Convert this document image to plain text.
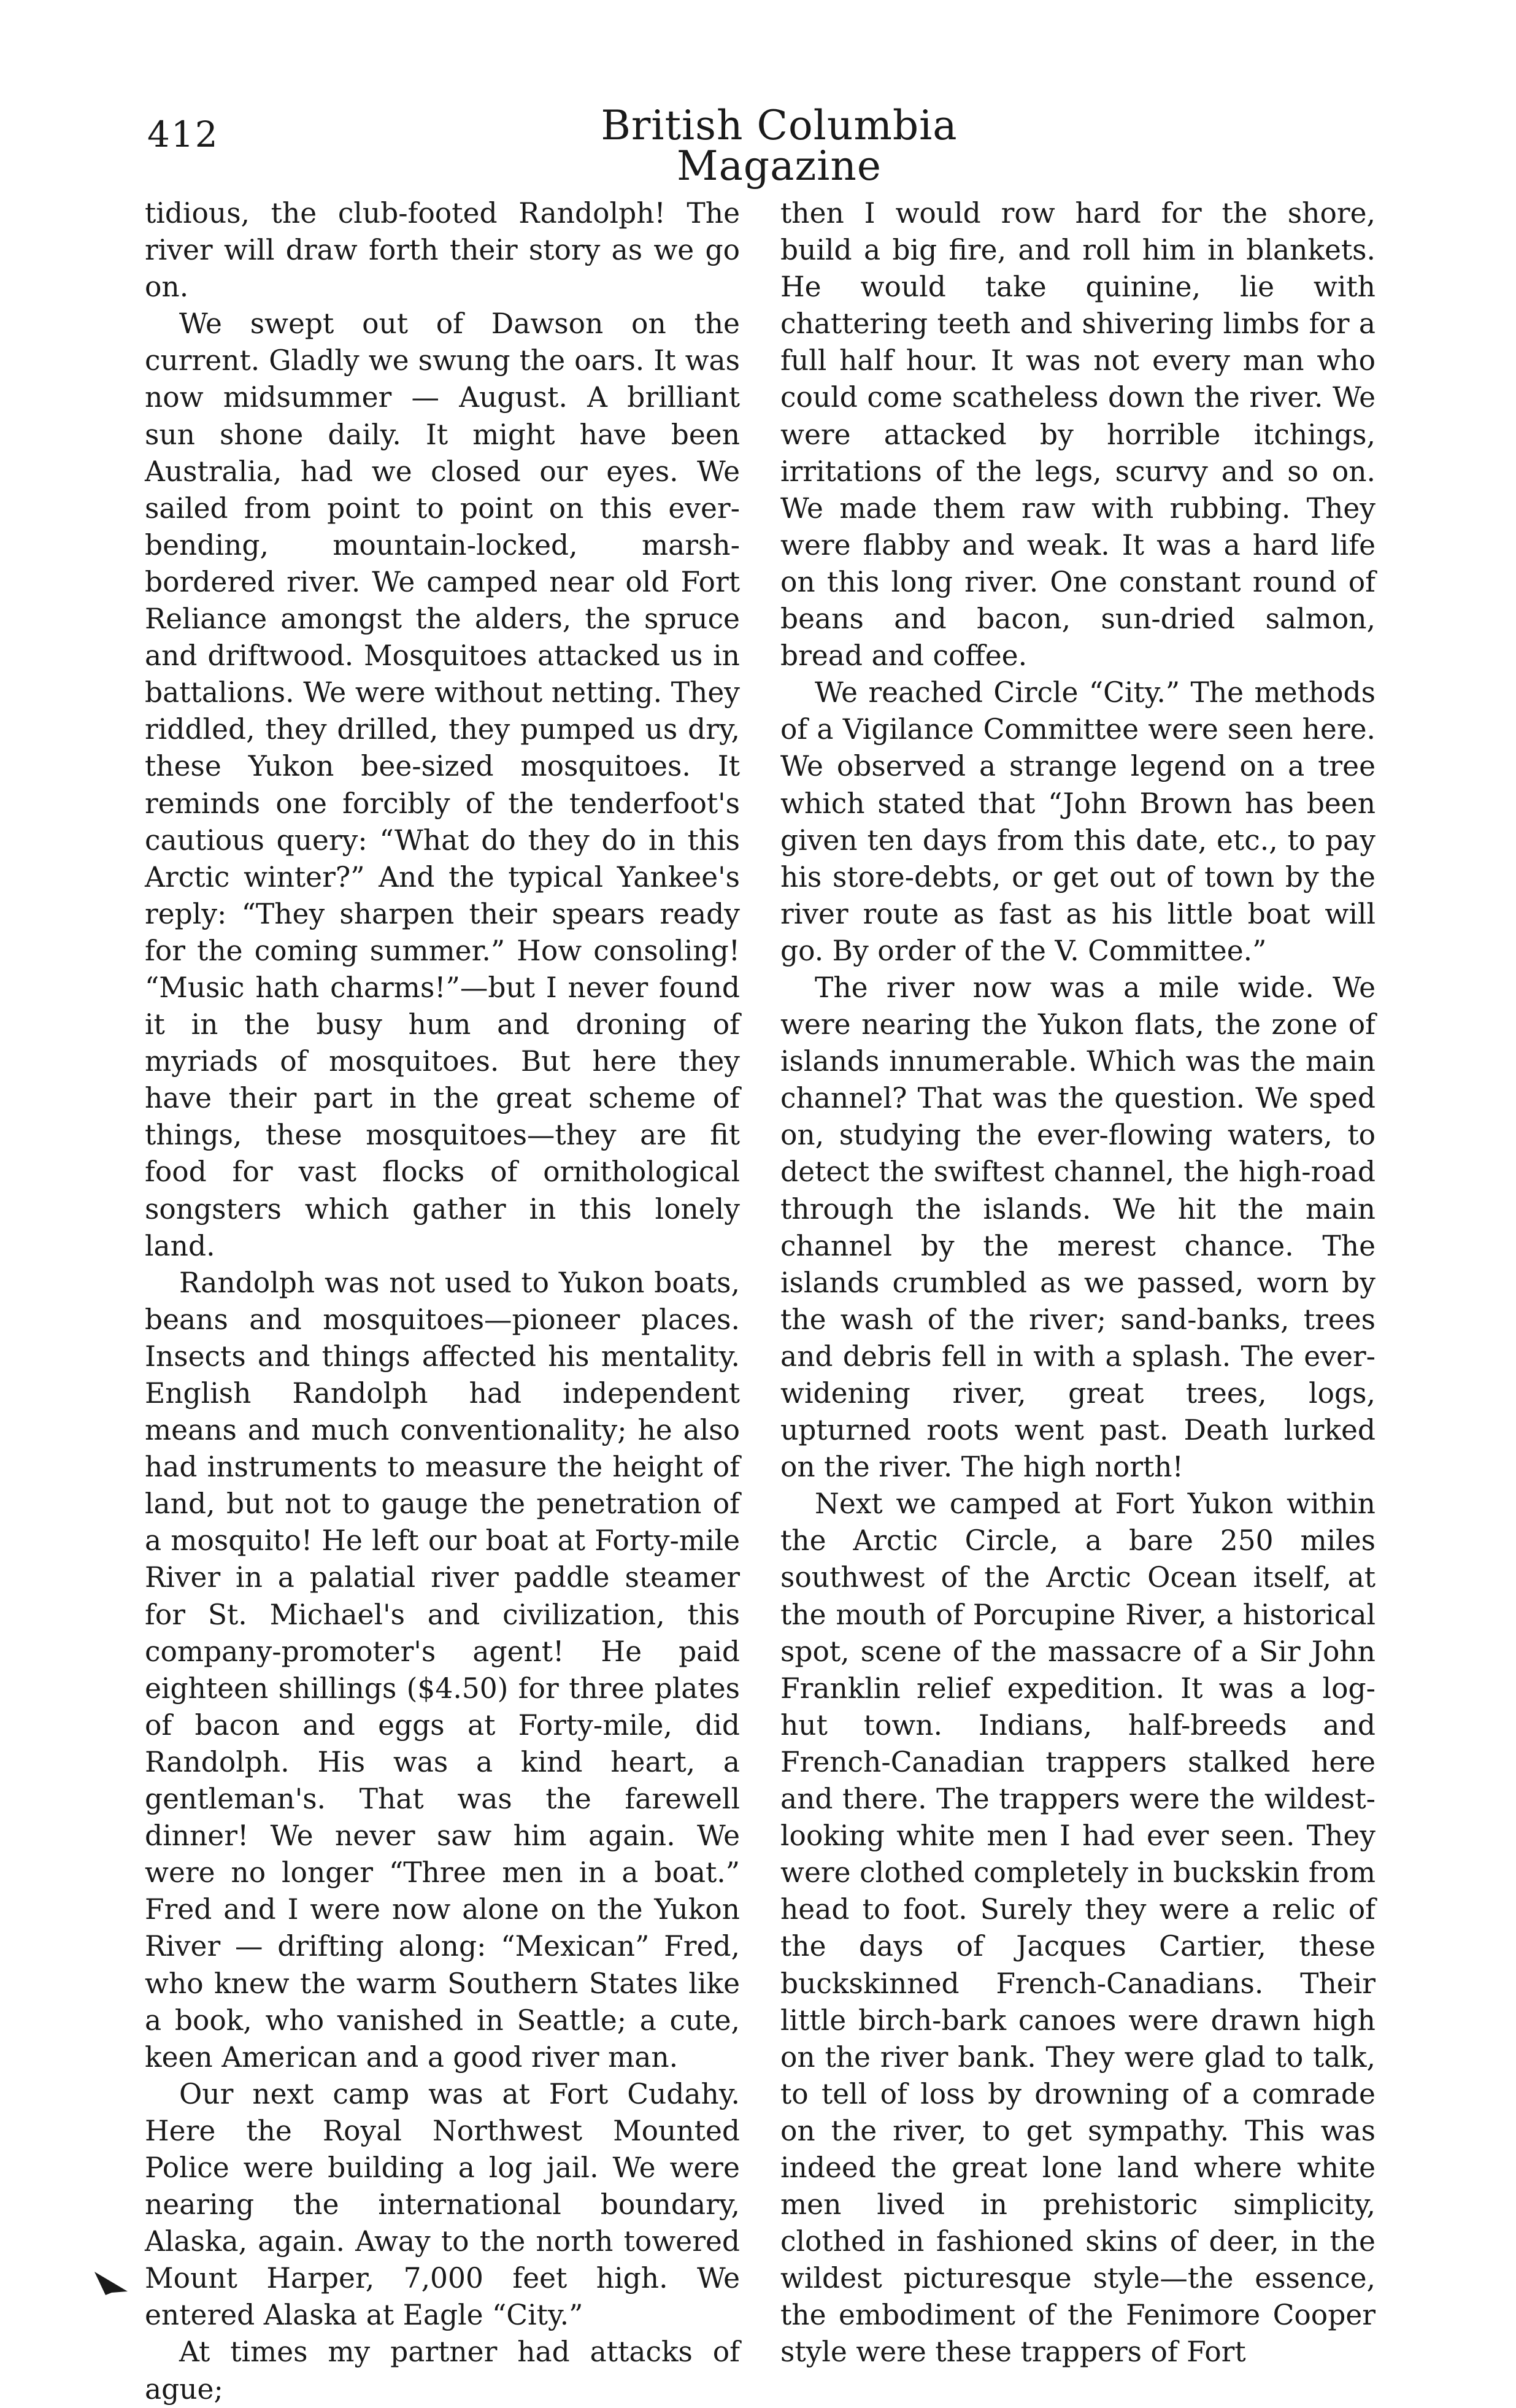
412	British Columbia Magazine

tidious, the club-footed Randolph! The river will draw forth their story as we go on.

We swept out of Dawson on the current. Gladly we swung the oars. It was now midsummer — August. A brilliant sun shone daily. It might have been Australia, had we closed our eyes. We sailed from point to point on this ever-bending, mountain-locked, marsh-bordered river. We camped near old Fort Reliance amongst the alders, the spruce and driftwood. Mosquitoes attacked us in battalions. We were without netting. They riddled, they drilled, they pumped us dry, these Yukon bee-sized mosquitoes. It reminds one forcibly of the tenderfoot's cautious query: “What do they do in this Arctic winter?” And the typical Yankee's reply: “They sharpen their spears ready for the coming summer.” How consoling! “Music hath charms!”—but I never found it in the busy hum and droning of myriads of mosquitoes. But here they have their part in the great scheme of things, these mosquitoes—they are fit food for vast flocks of ornithological songsters which gather in this lonely land.

Randolph was not used to Yukon boats, beans and mosquitoes—pioneer places. Insects and things affected his mentality. English Randolph had independent means and much conventionality; he also had instruments to measure the height of land, but not to gauge the penetration of a mosquito! He left our boat at Forty-mile River in a palatial river paddle steamer for St. Michael's and civilization, this company-promoter's agent! He paid eighteen shillings ($4.50) for three plates of bacon and eggs at Forty-mile, did Randolph. His was a kind heart, a gentleman's. That was the farewell dinner! We never saw him again. We were no longer “Three men in a boat.” Fred and I were now alone on the Yukon River — drifting along: “Mexican” Fred, who knew the warm Southern States like a book, who vanished in Seattle; a cute, keen American and a good river man.

Our next camp was at Fort Cudahy. Here the Royal Northwest Mounted Police were building a log jail. We were nearing the international boundary, Alaska, again. Away to the north towered Mount Harper, 7,000 feet high. We entered Alaska at Eagle “City.”

At times my partner had attacks of ague;

then I would row hard for the shore, build a big fire, and roll him in blankets. He would take quinine, lie with chattering teeth and shivering limbs for a full half hour. It was not every man who could come scatheless down the river. We were attacked by horrible itchings, irritations of the legs, scurvy and so on. We made them raw with rubbing. They were flabby and weak. It was a hard life on this long river. One constant round of beans and bacon, sun-dried salmon, bread and coffee.

We reached Circle “City.” The methods of a Vigilance Committee were seen here. We observed a strange legend on a tree which stated that “John Brown has been given ten days from this date, etc., to pay his store-debts, or get out of town by the river route as fast as his little boat will go. By order of the V. Committee.”

The river now was a mile wide. We were nearing the Yukon flats, the zone of islands innumerable. Which was the main channel? That was the question. We sped on, studying the ever-flowing waters, to detect the swiftest channel, the high-road through the islands. We hit the main channel by the merest chance. The islands crumbled as we passed, worn by the wash of the river; sand-banks, trees and debris fell in with a splash. The ever-widening river, great trees, logs, upturned roots went past. Death lurked on the river. The high north!

Next we camped at Fort Yukon within the Arctic Circle, a bare 250 miles southwest of the Arctic Ocean itself, at the mouth of Porcupine River, a historical spot, scene of the massacre of a Sir John Franklin relief expedition. It was a log-hut town. Indians, half-breeds and French-Canadian trappers stalked here and there. The trappers were the wildest-looking white men I had ever seen. They were clothed completely in buckskin from head to foot. Surely they were a relic of the days of Jacques Cartier, these buckskinned French-Canadians. Their little birch-bark canoes were drawn high on the river bank. They were glad to talk, to tell of loss by drowning of a comrade on the river, to get sympathy. This was indeed the great lone land where white men lived in prehistoric simplicity, clothed in fashioned skins of deer, in the wildest picturesque style—the essence, the embodiment of the Fenimore Cooper style were these trappers of Fort
